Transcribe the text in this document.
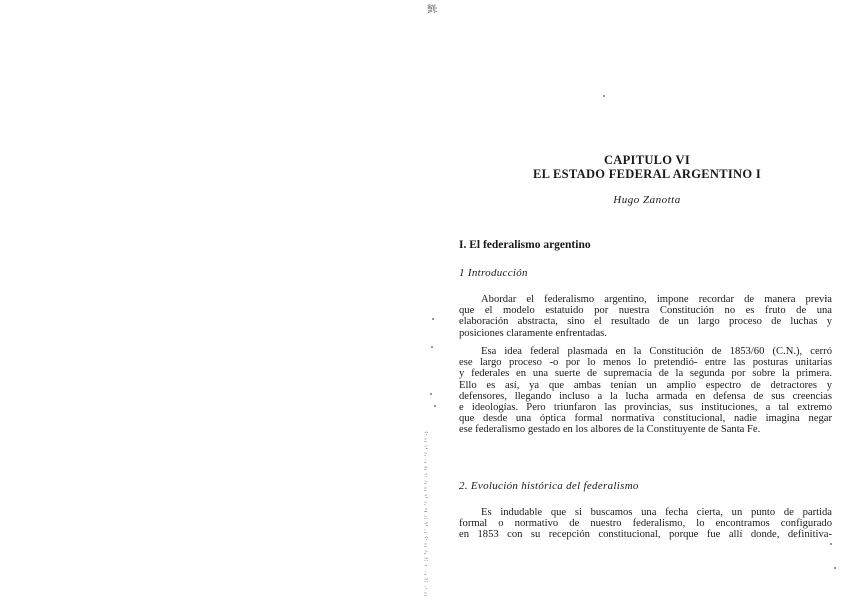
劉:
·:·
::
·.:
:·
.:
::·
·:
:.·
::
·:.
:·
.::
:·.
·::
:.
·:·
::
.:·
:·:
··
.:
:·:
·.
::
CAPITULO VI
EL ESTADO FEDERAL ARGENTINO I
Hugo Zanotta
I. El federalismo argentino
1 Introducción
Abordar el federalismo argentino, impone recordar de manera previa
que el modelo estatuido por nuestra Constitución no es fruto de una
elaboración abstracta, sino el resultado de un largo proceso de luchas y
posiciones claramente enfrentadas.
Esa idea federal plasmada en la Constitución de 1853/60 (C.N.), cerró
ese largo proceso -o por lo menos lo pretendió- entre las posturas unitarias
y federales en una suerte de supremacía de la segunda por sobre la primera.
Ello es así, ya que ambas tenían un amplio espectro de detractores y
defensores, llegando incluso a la lucha armada en defensa de sus creencias
e ideologías. Pero triunfaron las provincias, sus instituciones, a tal extremo
que desde una óptica formal normativa constitucional, nadie imagina negar
ese federalismo gestado en los albores de la Constituyente de Santa Fe.
2. Evolución histórica del federalismo
Es indudable que si buscamos una fecha cierta, un punto de partida
formal o normativo de nuestro federalismo, lo encontramos configurado
en 1853 con su recepción constitucional, porque fue allí donde, definitiva-
